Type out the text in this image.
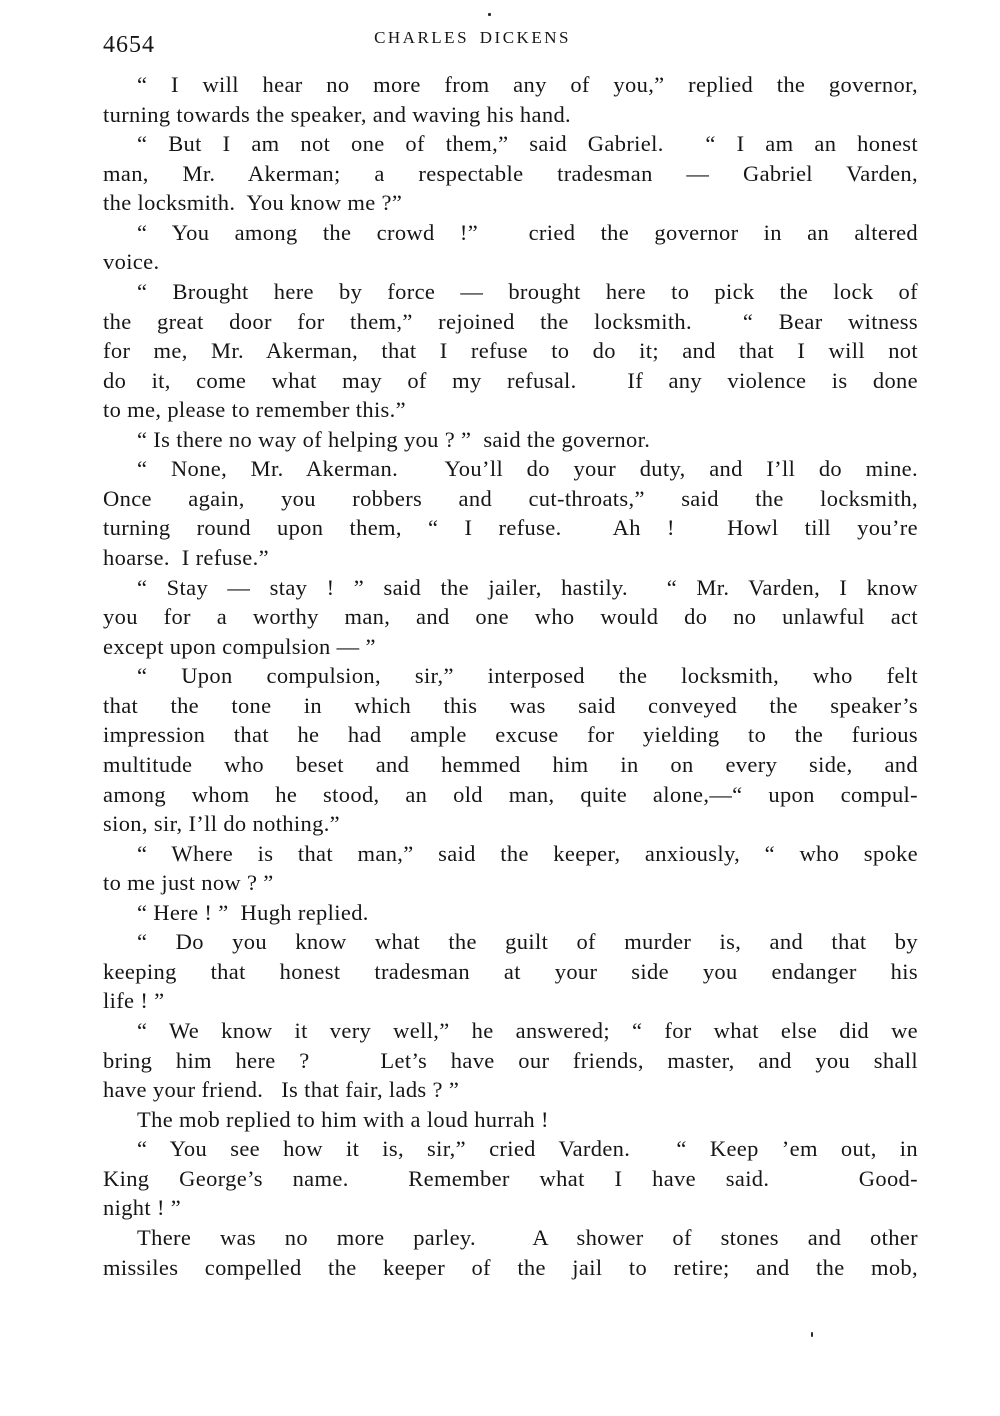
4654	CHARLES DICKENS
“ I will hear no more from any of you,” replied the governor,
turning towards the speaker, and waving his hand.
“ But I am not one of them,” said Gabriel.  “ I am an honest
man, Mr. Akerman; a respectable tradesman — Gabriel Varden,
the locksmith.  You know me ?”
“ You among the crowd !”  cried the governor in an altered
voice.
“ Brought here by force — brought here to pick the lock of
the great door for them,” rejoined the locksmith.  “ Bear witness
for me, Mr. Akerman, that I refuse to do it; and that I will not
do it, come what may of my refusal.  If any violence is done
to me, please to remember this.”
“ Is there no way of helping you ? ”  said the governor.
“ None, Mr. Akerman.  You’ll do your duty, and I’ll do mine.
Once again, you robbers and cut-throats,” said the locksmith,
turning round upon them, “ I refuse.  Ah !  Howl till you’re
hoarse.  I refuse.”
“ Stay — stay ! ” said the jailer, hastily.  “ Mr. Varden, I know
you for a worthy man, and one who would do no unlawful act
except upon compulsion — ”
“ Upon compulsion, sir,” interposed the locksmith, who felt
that the tone in which this was said conveyed the speaker’s
impression that he had ample excuse for yielding to the furious
multitude who beset and hemmed him in on every side, and
among whom he stood, an old man, quite alone,—“ upon compul-
sion, sir, I’ll do nothing.”
“ Where is that man,” said the keeper, anxiously, “ who spoke
to me just now ? ”
“ Here ! ”  Hugh replied.
“ Do you know what the guilt of murder is, and that by
keeping that honest tradesman at your side you endanger his
life ! ”
“ We know it very well,” he answered; “ for what else did we
bring him here ?   Let’s have our friends, master, and you shall
have your friend.   Is that fair, lads ? ”
The mob replied to him with a loud hurrah !
“ You see how it is, sir,” cried Varden.  “ Keep ’em out, in
King George’s name.  Remember what I have said.   Good-
night ! ”
There was no more parley.  A shower of stones and other
missiles compelled the keeper of the jail to retire; and the mob,
